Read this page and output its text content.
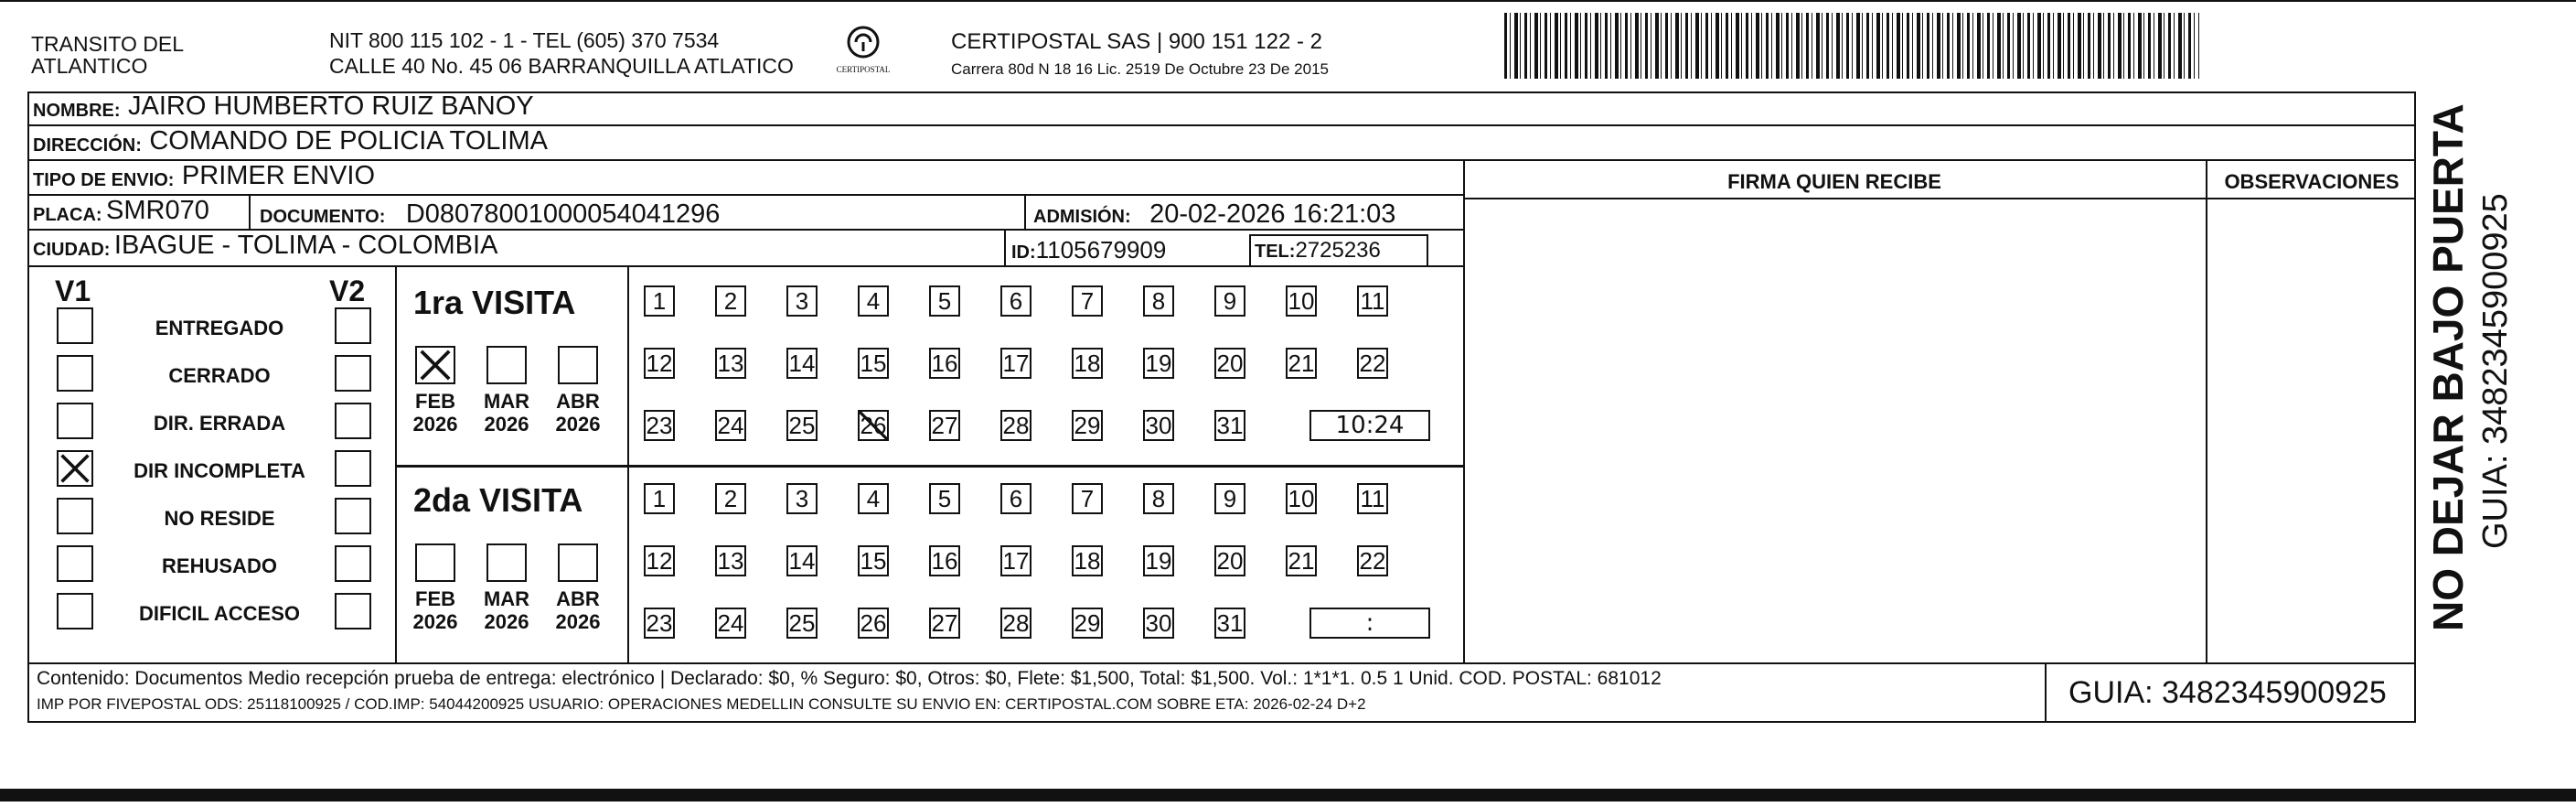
TRANSITO DEL
ATLANTICO
NIT 800 115 102 - 1 - TEL (605) 370 7534
CALLE 40 No. 45 06 BARRANQUILLA ATLATICO	CERTIPOSTAL
CERTIPOSTAL SAS | 900 151 122 - 2
Carrera 80d N 18 16 Lic. 2519 De Octubre 23 De 2015
NOMBRE: JAIRO HUMBERTO RUIZ BANOY
DIRECCIÓN: COMANDO DE POLICIA TOLIMA
TIPO DE ENVIO: PRIMER ENVIO
PLACA: SMR070	DOCUMENTO: D08078001000054041296	ADMISIÓN: 20-02-2026 16:21:03
CIUDAD: IBAGUE - TOLIMA - COLOMBIA	ID:1105679909	TEL:2725236
FIRMA QUIEN RECIBE	OBSERVACIONES
V1	V2
ENTREGADO
CERRADO
DIR. ERRADA
DIR INCOMPLETA
NO RESIDE
REHUSADO
DIFICIL ACCESO
1ra VISITA
FEB
2026
MAR
2026
ABR
2026
1	2	3	4	5	6	7	8	9	10 11
12 13 14 15 16 17 18 19 20 21 22
23 24 25 26 27 28 29 30 31	10:24
2da VISITA
FEB
2026
MAR
2026
ABR
2026
1	2	3	4	5	6	7	8	9	10 11
12 13 14 15 16 17 18 19 20 21 22
23 24 25 26 27 28 29 30 31	:
Contenido: Documentos Medio recepción prueba de entrega: electrónico | Declarado: $0, % Seguro: $0, Otros: $0, Flete: $1,500, Total: $1,500. Vol.: 1*1*1. 0.5 1 Unid. COD. POSTAL: 681012
IMP POR FIVEPOSTAL ODS: 25118100925 / COD.IMP: 54044200925 USUARIO: OPERACIONES MEDELLIN CONSULTE SU ENVIO EN: CERTIPOSTAL.COM SOBRE ETA: 2026-02-24 D+2	GUIA: 3482345900925
NO DEJAR BAJO PUERTA GUIA: 3482345900925
